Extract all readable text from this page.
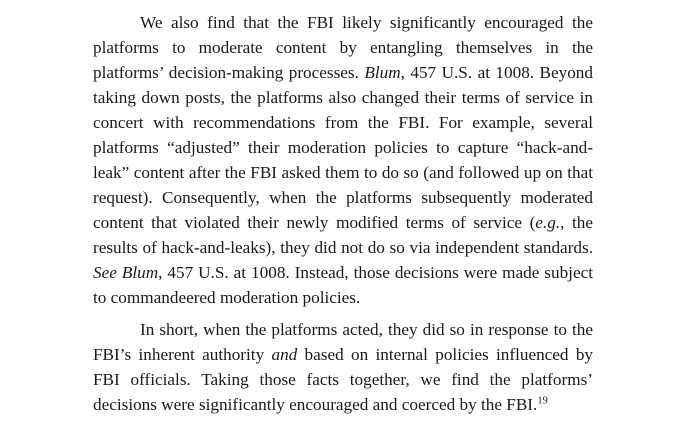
We also find that the FBI likely significantly encouraged the platforms to moderate content by entangling themselves in the platforms’ decision-making processes. Blum, 457 U.S. at 1008. Beyond taking down posts, the platforms also changed their terms of service in concert with recommendations from the FBI. For example, several platforms “adjusted” their moderation policies to capture “hack-and-leak” content after the FBI asked them to do so (and followed up on that request). Consequently, when the platforms subsequently moderated content that violated their newly modified terms of service (e.g., the results of hack-and-leaks), they did not do so via independent standards. See Blum, 457 U.S. at 1008. Instead, those decisions were made subject to commandeered moderation policies.

In short, when the platforms acted, they did so in response to the FBI’s inherent authority and based on internal policies influenced by FBI officials. Taking those facts together, we find the platforms’ decisions were significantly encouraged and coerced by the FBI.$^{19}$
